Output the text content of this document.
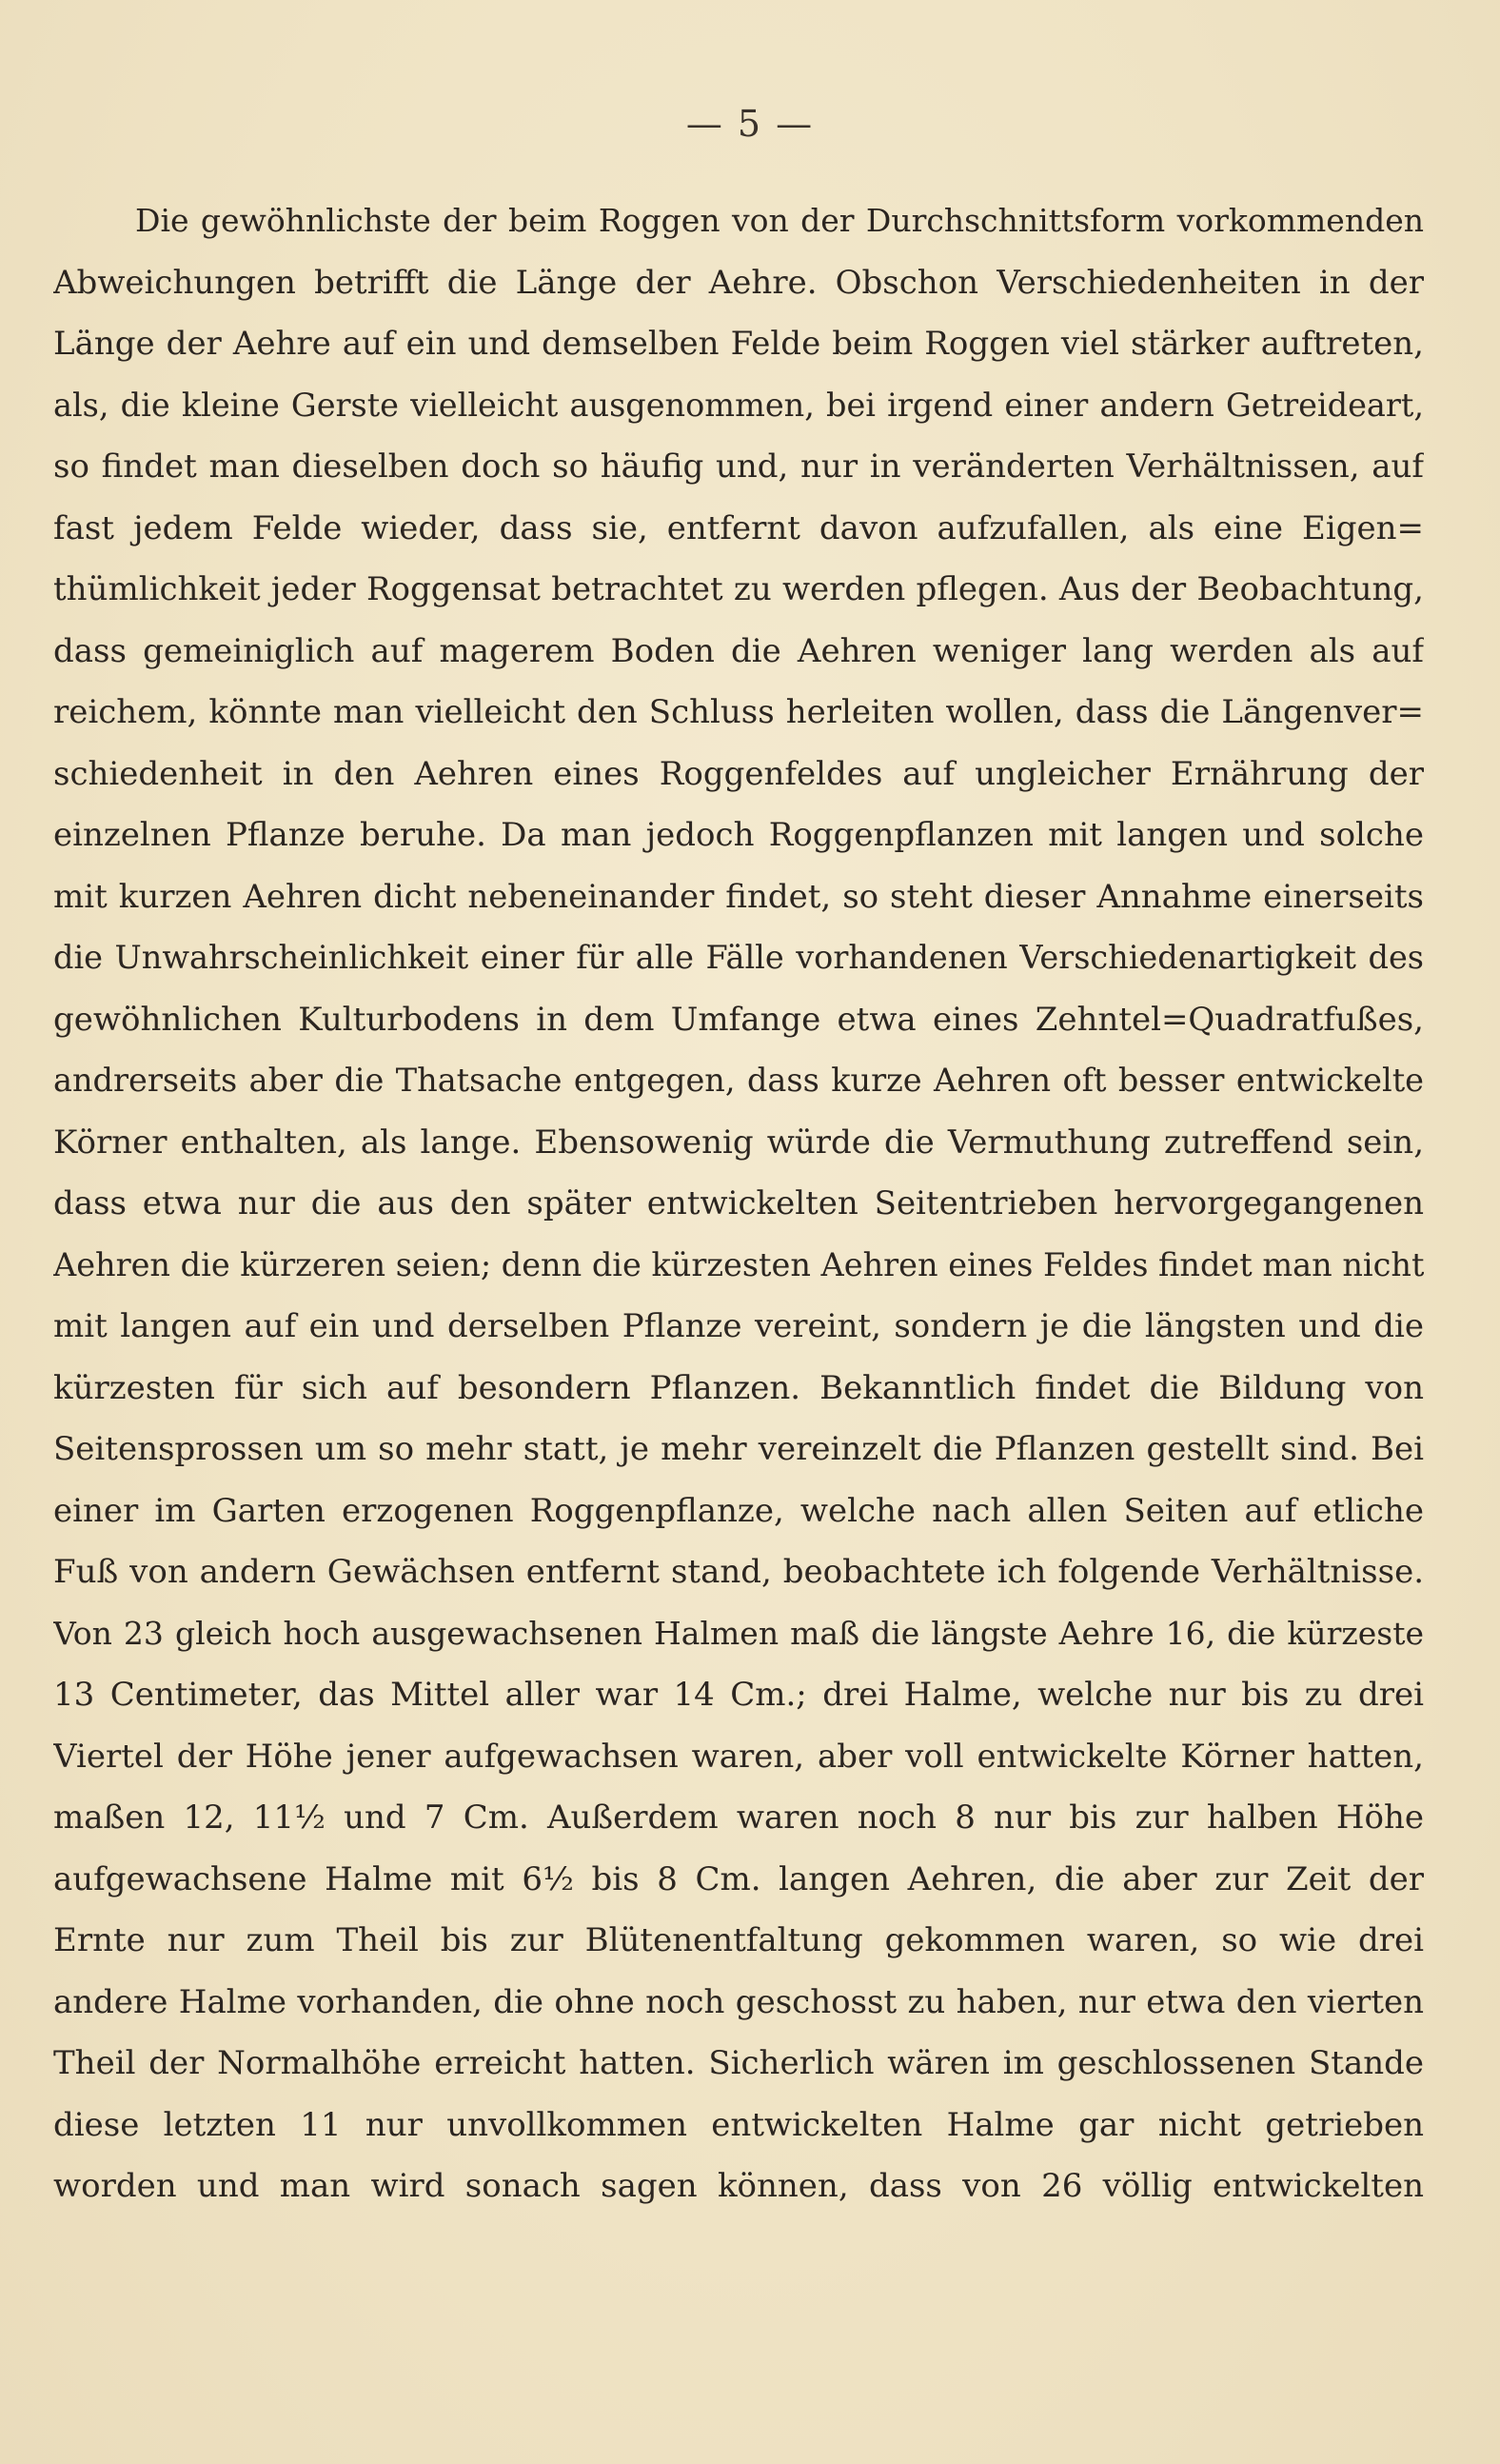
— 5 —
Die gewöhnlichste der beim Roggen von der Durchschnittsform vorkommenden
Abweichungen betrifft die Länge der Aehre. Obschon Verschiedenheiten in der
Länge der Aehre auf ein und demselben Felde beim Roggen viel stärker auftreten,
als, die kleine Gerste vielleicht ausgenommen, bei irgend einer andern Getreideart,
so findet man dieselben doch so häufig und, nur in veränderten Verhältnissen, auf
fast jedem Felde wieder, dass sie, entfernt davon aufzufallen, als eine Eigen=
thümlichkeit jeder Roggensat betrachtet zu werden pflegen. Aus der Beobachtung,
dass gemeiniglich auf magerem Boden die Aehren weniger lang werden als auf
reichem, könnte man vielleicht den Schluss herleiten wollen, dass die Längenver=
schiedenheit in den Aehren eines Roggenfeldes auf ungleicher Ernährung der
einzelnen Pflanze beruhe. Da man jedoch Roggenpflanzen mit langen und solche
mit kurzen Aehren dicht nebeneinander findet, so steht dieser Annahme einerseits
die Unwahrscheinlichkeit einer für alle Fälle vorhandenen Verschiedenartigkeit des
gewöhnlichen Kulturbodens in dem Umfange etwa eines Zehntel=Quadratfußes,
andrerseits aber die Thatsache entgegen, dass kurze Aehren oft besser entwickelte
Körner enthalten, als lange. Ebensowenig würde die Vermuthung zutreffend sein,
dass etwa nur die aus den später entwickelten Seitentrieben hervorgegangenen
Aehren die kürzeren seien; denn die kürzesten Aehren eines Feldes findet man nicht
mit langen auf ein und derselben Pflanze vereint, sondern je die längsten und die
kürzesten für sich auf besondern Pflanzen. Bekanntlich findet die Bildung von
Seitensprossen um so mehr statt, je mehr vereinzelt die Pflanzen gestellt sind. Bei
einer im Garten erzogenen Roggenpflanze, welche nach allen Seiten auf etliche
Fuß von andern Gewächsen entfernt stand, beobachtete ich folgende Verhältnisse.
Von 23 gleich hoch ausgewachsenen Halmen maß die längste Aehre 16, die kürzeste
13 Centimeter, das Mittel aller war 14 Cm.; drei Halme, welche nur bis zu drei
Viertel der Höhe jener aufgewachsen waren, aber voll entwickelte Körner hatten,
maßen 12, 11½ und 7 Cm. Außerdem waren noch 8 nur bis zur halben Höhe
aufgewachsene Halme mit 6½ bis 8 Cm. langen Aehren, die aber zur Zeit der
Ernte nur zum Theil bis zur Blütenentfaltung gekommen waren, so wie drei
andere Halme vorhanden, die ohne noch geschosst zu haben, nur etwa den vierten
Theil der Normalhöhe erreicht hatten. Sicherlich wären im geschlossenen Stande
diese letzten 11 nur unvollkommen entwickelten Halme gar nicht getrieben
worden und man wird sonach sagen können, dass von 26 völlig entwickelten
